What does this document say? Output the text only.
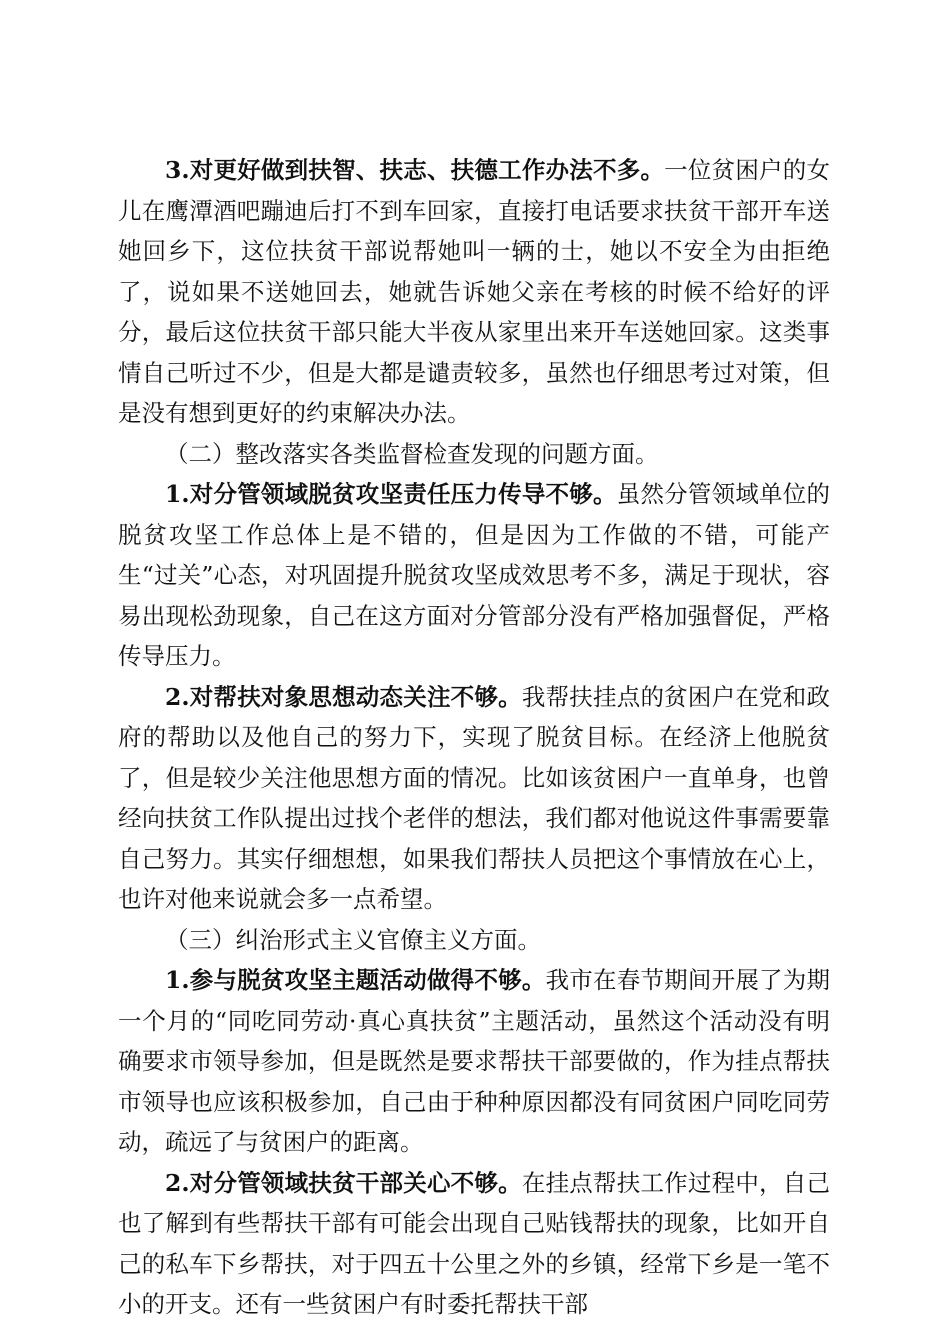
3.对更好做到扶智、扶志、扶德工作办法不多。一位贫困户的女儿在鹰潭酒吧蹦迪后打不到车回家，直接打电话要求扶贫干部开车送她回乡下，这位扶贫干部说帮她叫一辆的士，她以不安全为由拒绝了，说如果不送她回去，她就告诉她父亲在考核的时候不给好的评分，最后这位扶贫干部只能大半夜从家里出来开车送她回家。这类事情自己听过不少，但是大都是谴责较多，虽然也仔细思考过对策，但是没有想到更好的约束解决办法。

（二）整改落实各类监督检查发现的问题方面。

1.对分管领域脱贫攻坚责任压力传导不够。虽然分管领域单位的脱贫攻坚工作总体上是不错的，但是因为工作做的不错，可能产生“过关”心态，对巩固提升脱贫攻坚成效思考不多，满足于现状，容易出现松劲现象，自己在这方面对分管部分没有严格加强督促，严格传导压力。

2.对帮扶对象思想动态关注不够。我帮扶挂点的贫困户在党和政府的帮助以及他自己的努力下，实现了脱贫目标。在经济上他脱贫了，但是较少关注他思想方面的情况。比如该贫困户一直单身，也曾经向扶贫工作队提出过找个老伴的想法，我们都对他说这件事需要靠自己努力。其实仔细想想，如果我们帮扶人员把这个事情放在心上，也许对他来说就会多一点希望。

（三）纠治形式主义官僚主义方面。

1.参与脱贫攻坚主题活动做得不够。我市在春节期间开展了为期一个月的“同吃同劳动·真心真扶贫”主题活动，虽然这个活动没有明确要求市领导参加，但是既然是要求帮扶干部要做的，作为挂点帮扶市领导也应该积极参加，自己由于种种原因都没有同贫困户同吃同劳动，疏远了与贫困户的距离。

2.对分管领域扶贫干部关心不够。在挂点帮扶工作过程中，自己也了解到有些帮扶干部有可能会出现自己贴钱帮扶的现象，比如开自己的私车下乡帮扶，对于四五十公里之外的乡镇，经常下乡是一笔不小的开支。还有一些贫困户有时委托帮扶干部
